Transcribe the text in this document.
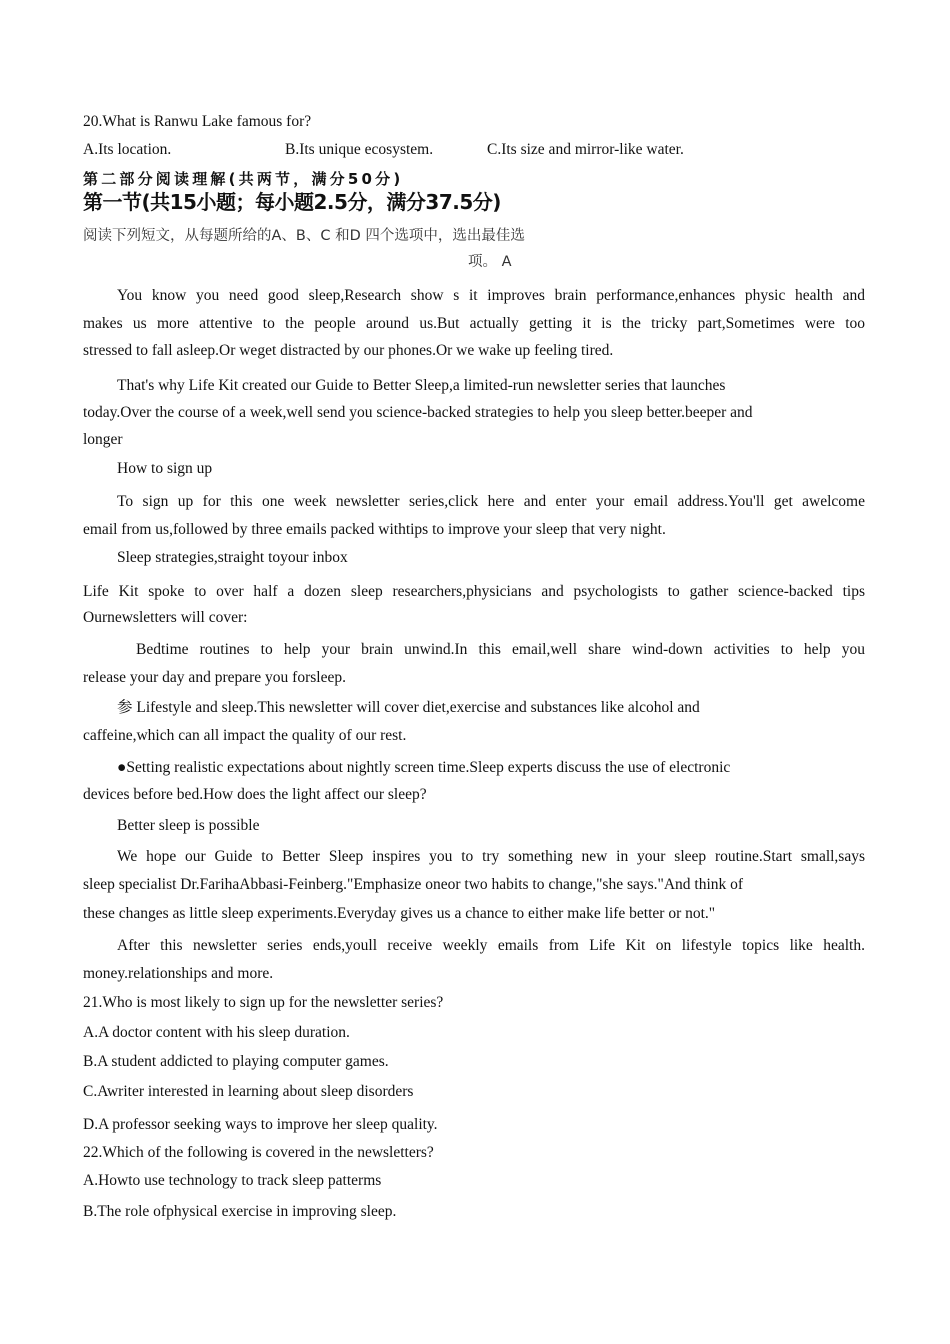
20.What is Ranwu Lake famous for?
A.Its location.	B.Its unique ecosystem.	C.Its size and mirror-like water.
第二部分阅读理解(共两节，满分50分)
第一节(共15小题；每小题2.5分，满分37.5分)
阅读下列短文，从每题所给的A、B、C 和D 四个选项中，选出最佳选
项。 A
You know you need good sleep,Research show s it improves brain performance,enhances physic health and
makes us more attentive to the people around us.But actually getting it is the tricky part,Sometimes were too
stressed to fall asleep.Or weget distracted by our phones.Or we wake up feeling tired.
That's why Life Kit created our Guide to Better Sleep,a limited-run newsletter series that launches
today.Over the course of a week,well send you science-backed strategies to help you sleep better.beeper and
longer
How to sign up
To sign up for this one week newsletter series,click here and enter your email address.You'll get awelcome
email from us,followed by three emails packed withtips to improve your sleep that very night.
Sleep strategies,straight toyour inbox
Life Kit spoke to over half a dozen sleep researchers,physicians and psychologists to gather science-backed tips
Ournewsletters will cover:
Bedtime routines to help your brain unwind.In this email,well share wind-down activities to help you
release your day and prepare you forsleep.
参 Lifestyle and sleep.This newsletter will cover diet,exercise and substances like alcohol and
caffeine,which can all impact the quality of our rest.
●Setting realistic expectations about nightly screen time.Sleep experts discuss the use of electronic
devices before bed.How does the light affect our sleep?
Better sleep is possible
We hope our Guide to Better Sleep inspires you to try something new in your sleep routine.Start small,says
sleep specialist Dr.FarihaAbbasi-Feinberg."Emphasize oneor two habits to change,"she says."And think of
these changes as little sleep experiments.Everyday gives us a chance to either make life better or not."
After this newsletter series ends,youll receive weekly emails from Life Kit on lifestyle topics like health.
money.relationships and more.
21.Who is most likely to sign up for the newsletter series?
A.A doctor content with his sleep duration.
B.A student addicted to playing computer games.
C.Awriter interested in learning about sleep disorders
D.A professor seeking ways to improve her sleep quality.
22.Which of the following is covered in the newsletters?
A.Howto use technology to track sleep patterms
B.The role ofphysical exercise in improving sleep.
